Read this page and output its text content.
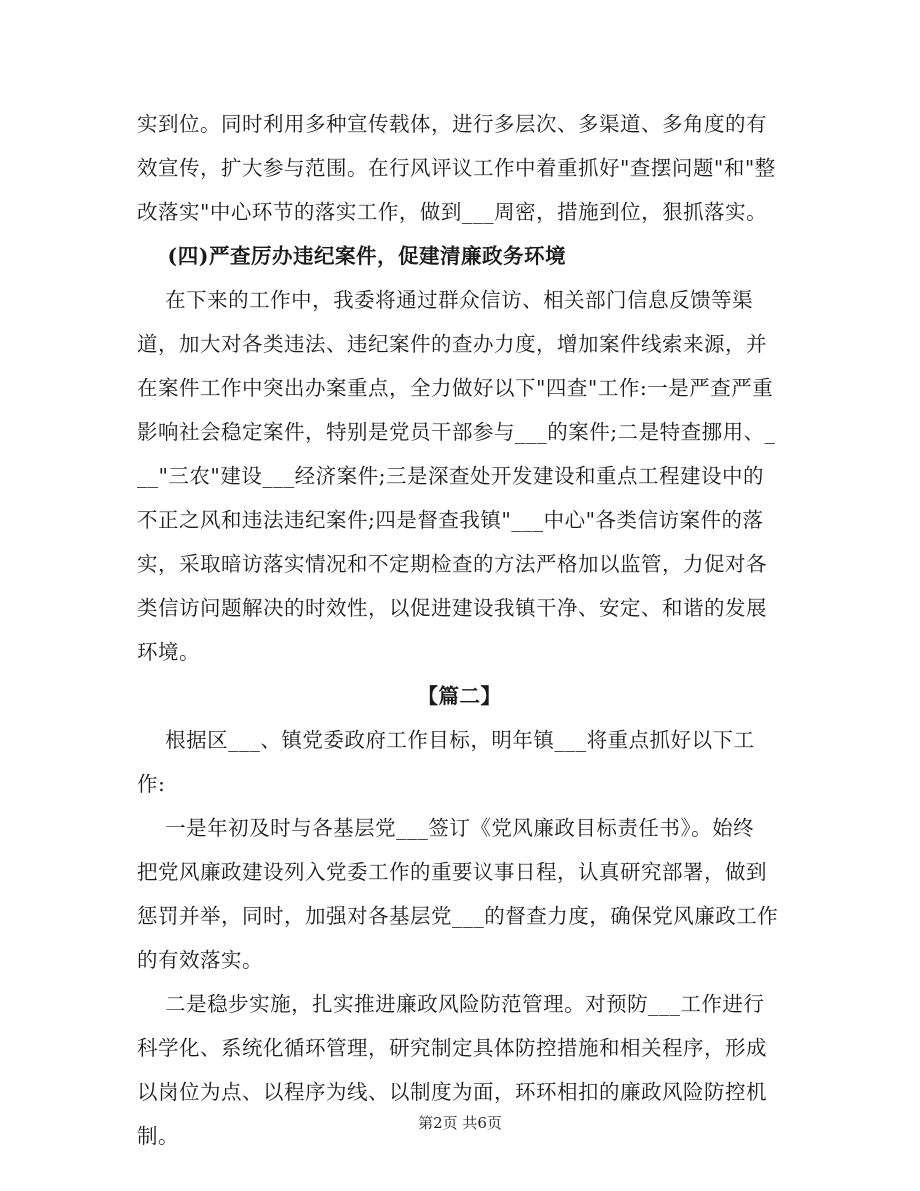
实到位。同时利用多种宣传载体，进行多层次、多渠道、多角度的有
效宣传，扩大参与范围。在行风评议工作中着重抓好"查摆问题"和"整
改落实"中心环节的落实工作，做到___周密，措施到位，狠抓落实。
(四)严查厉办违纪案件，促建清廉政务环境
在下来的工作中，我委将通过群众信访、相关部门信息反馈等渠
道，加大对各类违法、违纪案件的查办力度，增加案件线索来源，并
在案件工作中突出办案重点，全力做好以下"四查"工作:一是严查严重
影响社会稳定案件，特别是党员干部参与___的案件;二是特查挪用、_
__"三农"建设___经济案件;三是深查处开发建设和重点工程建设中的
不正之风和违法违纪案件;四是督查我镇"___中心"各类信访案件的落
实，采取暗访落实情况和不定期检查的方法严格加以监管，力促对各
类信访问题解决的时效性，以促进建设我镇干净、安定、和谐的发展
环境。
【篇二】
根据区___、镇党委政府工作目标，明年镇___将重点抓好以下工
作:
一是年初及时与各基层党___签订《党风廉政目标责任书》。始终
把党风廉政建设列入党委工作的重要议事日程，认真研究部署，做到
惩罚并举，同时，加强对各基层党___的督查力度，确保党风廉政工作
的有效落实。
二是稳步实施，扎实推进廉政风险防范管理。对预防___工作进行
科学化、系统化循环管理，研究制定具体防控措施和相关程序，形成
以岗位为点、以程序为线、以制度为面，环环相扣的廉政风险防控机
制。
第2页 共6页
